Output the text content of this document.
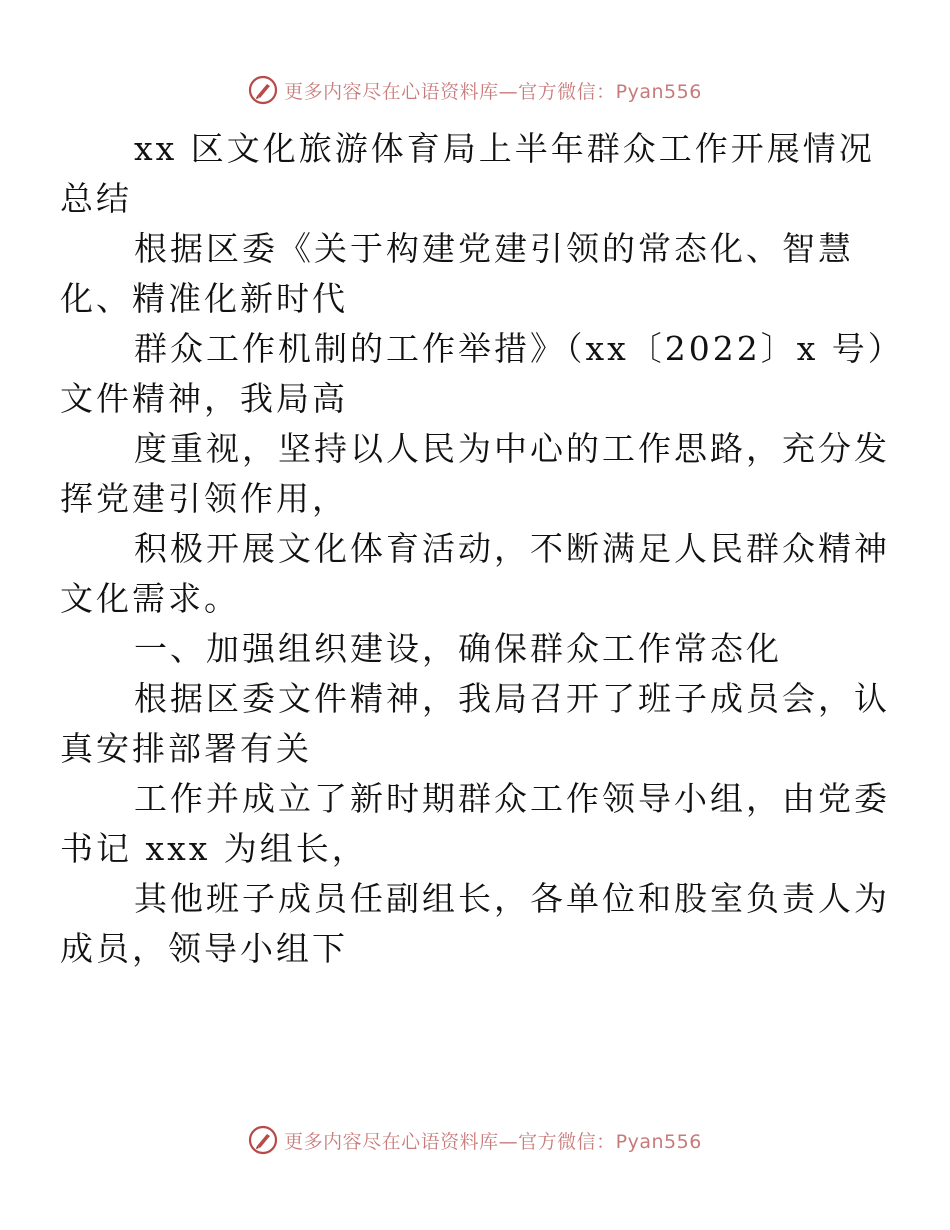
更多内容尽在心语资料库—官方微信：Pyan556

xx 区文化旅游体育局上半年群众工作开展情况
总结

根据区委《关于构建党建引领的常态化、智慧
化、精准化新时代

群众工作机制的工作举措》（xx〔2022〕x 号）
文件精神，我局高

度重视，坚持以人民为中心的工作思路，充分发
挥党建引领作用，

积极开展文化体育活动，不断满足人民群众精神
文化需求。

一、加强组织建设，确保群众工作常态化

根据区委文件精神，我局召开了班子成员会，认
真安排部署有关

工作并成立了新时期群众工作领导小组，由党委
书记 xxx 为组长，

其他班子成员任副组长，各单位和股室负责人为
成员，领导小组下

更多内容尽在心语资料库—官方微信：Pyan556
